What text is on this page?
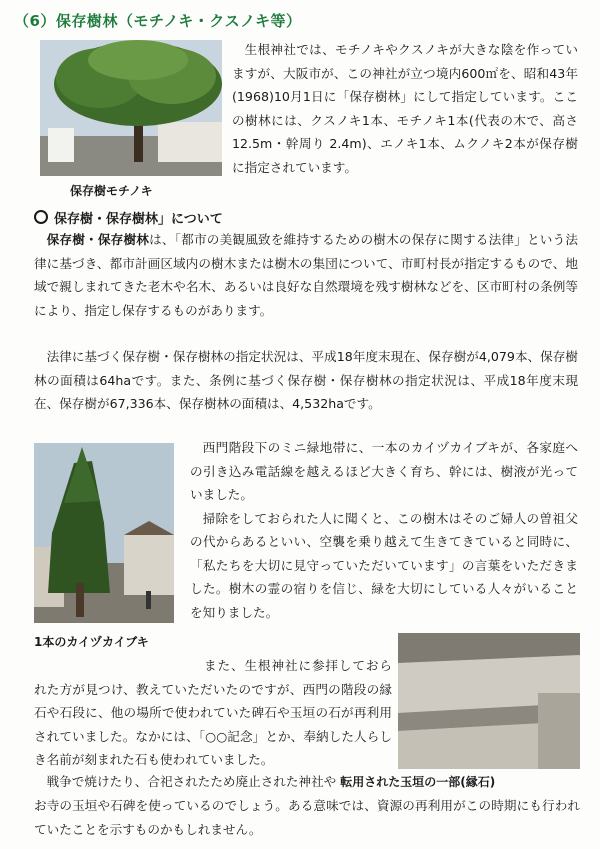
（6）保存樹林（モチノキ・クスノキ等）
保存樹モチノキ
生根神社では、モチノキやクスノキが大きな陰を作っていますが、大阪市が、この神社が立つ境内600㎡を、昭和43年(1968)10月1日に「保存樹林」にして指定しています。ここの樹林には、クスノキ1本、モチノキ1本(代表の木で、高さ 12.5m・幹周り 2.4m)、エノキ1本、ムクノキ2本が保存樹に指定されています。
保存樹・保存樹林」について
保存樹・保存樹林は、「都市の美観風致を維持するための樹木の保存に関する法律」という法律に基づき、都市計画区域内の樹木または樹木の集団について、市町村長が指定するもので、地域で親しまれてきた老木や名木、あるいは良好な自然環境を残す樹林などを、区市町村の条例等により、指定し保存するものがあります。
法律に基づく保存樹・保存樹林の指定状況は、平成18年度末現在、保存樹が4,079本、保存樹林の面積は64haです。また、条例に基づく保存樹・保存樹林の指定状況は、平成18年度末現在、保存樹が67,336本、保存樹林の面積は、4,532haです。

西門階段下のミニ緑地帯に、一本のカイヅカイブキが、各家庭への引き込み電話線を越えるほど大きく育ち、幹には、樹液が光っていました。

掃除をしておられた人に聞くと、この樹木はそのご婦人の曽祖父の代からあるといい、空襲を乗り越えて生きてきていると同時に、「私たちを大切に見守っていただいています」の言葉をいただきました。樹木の霊の宿りを信じ、緑を大切にしている人々がいることを知りました。

1本のカイヅカイブキ
また、生根神社に参拝しておられた方が見つけ、教えていただいたのですが、西門の階段の縁石や石段に、他の場所で使われていた碑石や玉垣の石が再利用されていました。なかには、「○○記念」とか、奉納した人らしき名前が刻まれた石も使われていました。
戦争で焼けたり、合祀されたため廃止された神社や 転用された玉垣の一部(縁石)
お寺の玉垣や石碑を使っているのでしょう。ある意味では、資源の再利用がこの時期にも行われていたことを示すものかもしれません。
